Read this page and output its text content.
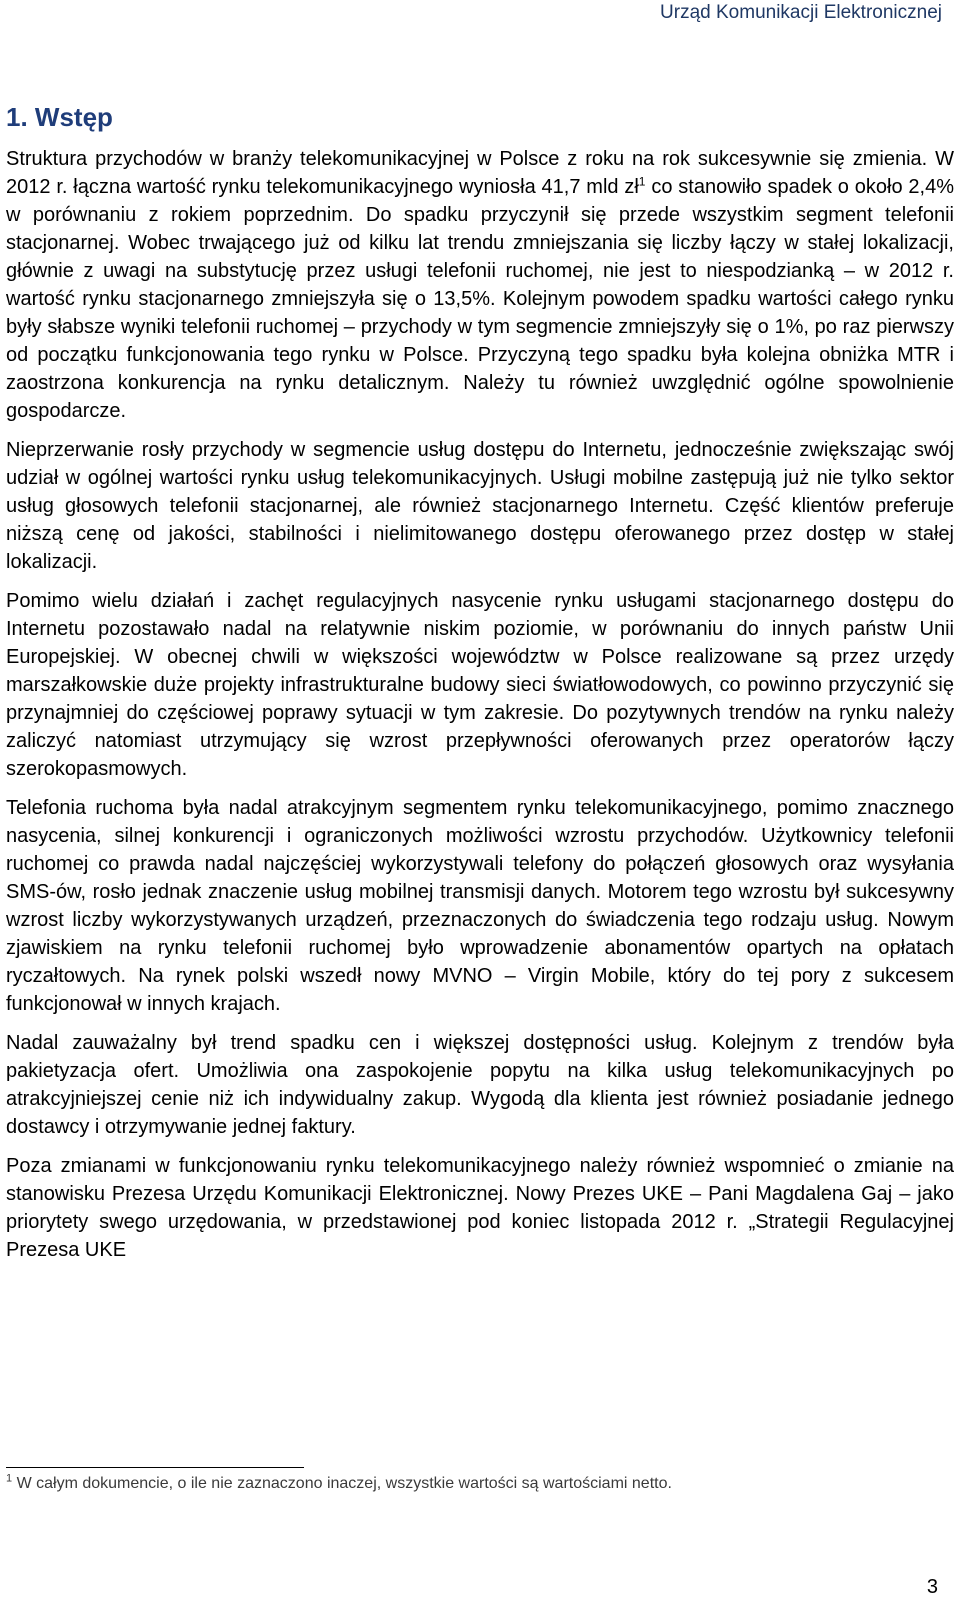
Urząd Komunikacji Elektronicznej
1. Wstęp

Struktura przychodów w branży telekomunikacyjnej w Polsce z roku na rok sukcesywnie się zmienia. W 2012 r. łączna wartość rynku telekomunikacyjnego wyniosła 41,7 mld $zł^1$ co stanowiło spadek o około 2,4% w porównaniu z rokiem poprzednim. Do spadku przyczynił się przede wszystkim segment telefonii stacjonarnej. Wobec trwającego już od kilku lat trendu zmniejszania się liczby łączy w stałej lokalizacji, głównie z uwagi na substytucję przez usługi telefonii ruchomej, nie jest to niespodzianką – w 2012 r. wartość rynku stacjonarnego zmniejszyła się o 13,5%. Kolejnym powodem spadku wartości całego rynku były słabsze wyniki telefonii ruchomej – przychody w tym segmencie zmniejszyły się o 1%, po raz pierwszy od początku funkcjonowania tego rynku w Polsce. Przyczyną tego spadku była kolejna obniżka MTR i zaostrzona konkurencja na rynku detalicznym. Należy tu również uwzględnić ogólne spowolnienie gospodarcze.

Nieprzerwanie rosły przychody w segmencie usług dostępu do Internetu, jednocześnie zwiększając swój udział w ogólnej wartości rynku usług telekomunikacyjnych. Usługi mobilne zastępują już nie tylko sektor usług głosowych telefonii stacjonarnej, ale również stacjonarnego Internetu. Część klientów preferuje niższą cenę od jakości, stabilności i nielimitowanego dostępu oferowanego przez dostęp w stałej lokalizacji.

Pomimo wielu działań i zachęt regulacyjnych nasycenie rynku usługami stacjonarnego dostępu do Internetu pozostawało nadal na relatywnie niskim poziomie, w porównaniu do innych państw Unii Europejskiej. W obecnej chwili w większości województw w Polsce realizowane są przez urzędy marszałkowskie duże projekty infrastrukturalne budowy sieci światłowodowych, co powinno przyczynić się przynajmniej do częściowej poprawy sytuacji w tym zakresie. Do pozytywnych trendów na rynku należy zaliczyć natomiast utrzymujący się wzrost przepływności oferowanych przez operatorów łączy szerokopasmowych.

Telefonia ruchoma była nadal atrakcyjnym segmentem rynku telekomunikacyjnego, pomimo znacznego nasycenia, silnej konkurencji i ograniczonych możliwości wzrostu przychodów. Użytkownicy telefonii ruchomej co prawda nadal najczęściej wykorzystywali telefony do połączeń głosowych oraz wysyłania SMS-ów, rosło jednak znaczenie usług mobilnej transmisji danych. Motorem tego wzrostu był sukcesywny wzrost liczby wykorzystywanych urządzeń, przeznaczonych do świadczenia tego rodzaju usług. Nowym zjawiskiem na rynku telefonii ruchomej było wprowadzenie abonamentów opartych na opłatach ryczałtowych. Na rynek polski wszedł nowy MVNO – Virgin Mobile, który do tej pory z sukcesem funkcjonował w innych krajach.

Nadal zauważalny był trend spadku cen i większej dostępności usług. Kolejnym z trendów była pakietyzacja ofert. Umożliwia ona zaspokojenie popytu na kilka usług telekomunikacyjnych po atrakcyjniejszej cenie niż ich indywidualny zakup. Wygodą dla klienta jest również posiadanie jednego dostawcy i otrzymywanie jednej faktury.

Poza zmianami w funkcjonowaniu rynku telekomunikacyjnego należy również wspomnieć o zmianie na stanowisku Prezesa Urzędu Komunikacji Elektronicznej. Nowy Prezes UKE – Pani Magdalena Gaj – jako priorytety swego urzędowania, w przedstawionej pod koniec listopada 2012 r. „Strategii Regulacyjnej Prezesa UKE

$^1$ W całym dokumencie, o ile nie zaznaczono inaczej, wszystkie wartości są wartościami netto.

3
